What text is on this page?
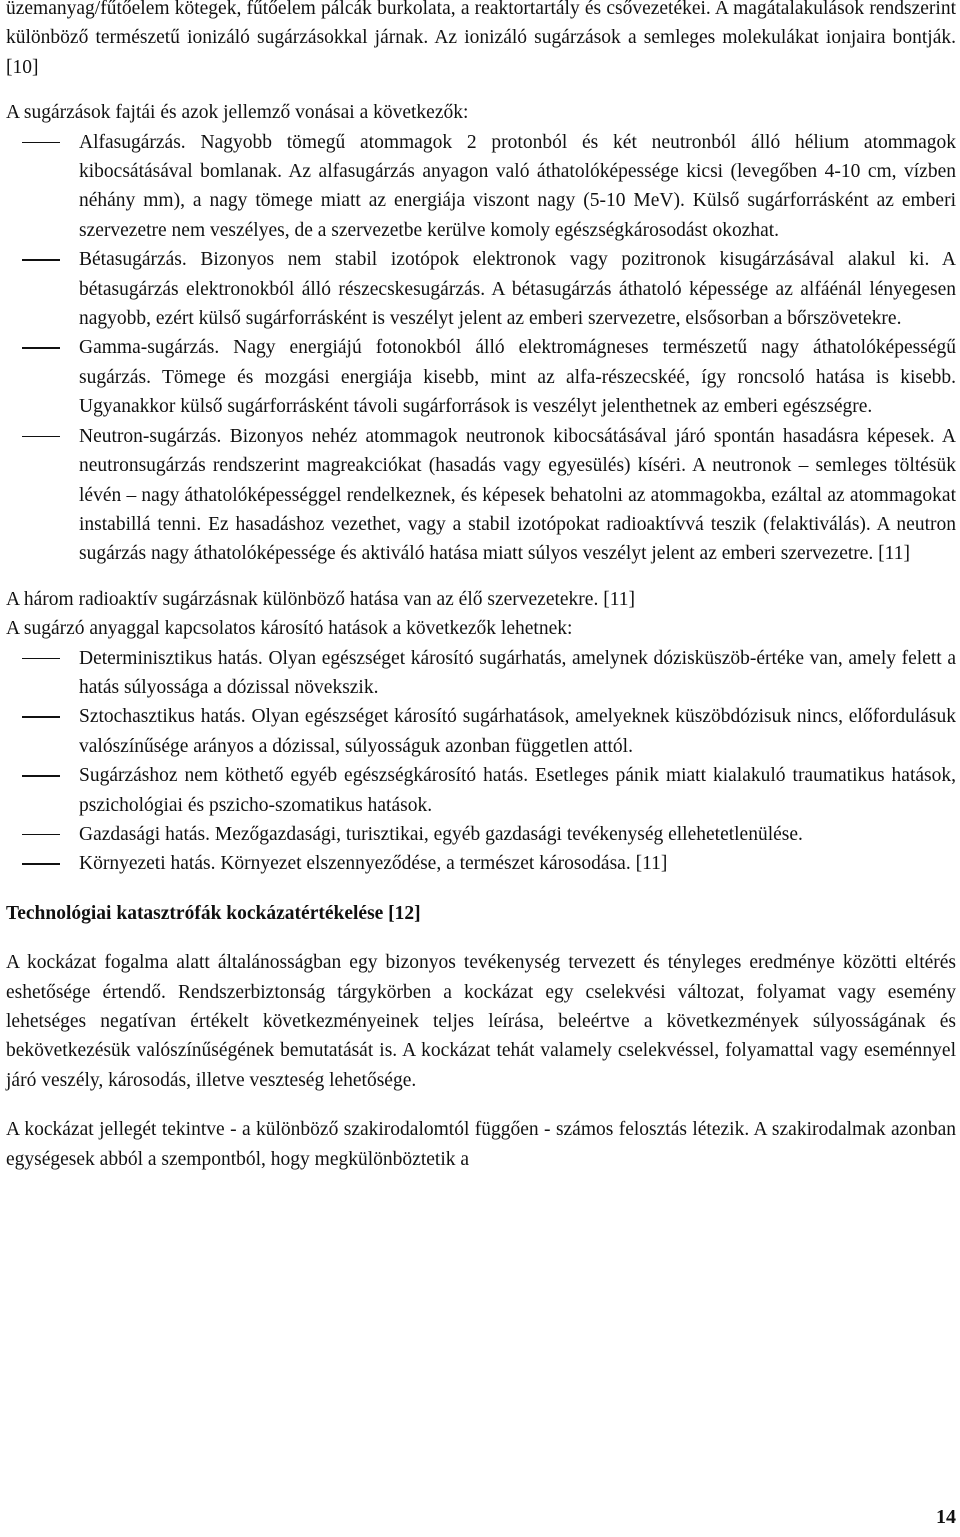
üzemanyag/fűtőelem kötegek, fűtőelem pálcák burkolata, a reaktortartály és csővezetékei. A magátalakulások rendszerint különböző természetű ionizáló sugárzásokkal járnak. Az ionizáló sugárzások a semleges molekulákat ionjaira bontják. [10]

A sugárzások fajtái és azok jellemző vonásai a következők:

Alfasugárzás. Nagyobb tömegű atommagok 2 protonból és két neutronból álló hélium atommagok kibocsátásával bomlanak. Az alfasugárzás anyagon való áthatolóképessége kicsi (levegőben 4-10 cm, vízben néhány mm), a nagy tömege miatt az energiája viszont nagy (5-10 MeV). Külső sugárforrásként az emberi szervezetre nem veszélyes, de a szervezetbe kerülve komoly egészségkárosodást okozhat.
Bétasugárzás. Bizonyos nem stabil izotópok elektronok vagy pozitronok kisugárzásával alakul ki. A bétasugárzás elektronokból álló részecskesugárzás. A bétasugárzás áthatoló képessége az alfáénál lényegesen nagyobb, ezért külső sugárforrásként is veszélyt jelent az emberi szervezetre, elsősorban a bőrszövetekre.
Gamma-sugárzás. Nagy energiájú fotonokból álló elektromágneses természetű nagy áthatolóképességű sugárzás. Tömege és mozgási energiája kisebb, mint az alfa-részecskéé, így roncsoló hatása is kisebb. Ugyanakkor külső sugárforrásként távoli sugárforrások is veszélyt jelenthetnek az emberi egészségre.
Neutron-sugárzás. Bizonyos nehéz atommagok neutronok kibocsátásával járó spontán hasadásra képesek. A neutronsugárzás rendszerint magreakciókat (hasadás vagy egyesülés) kíséri. A neutronok – semleges töltésük lévén – nagy áthatolóképességgel rendelkeznek, és képesek behatolni az atommagokba, ezáltal az atommagokat instabillá tenni. Ez hasadáshoz vezethet, vagy a stabil izotópokat radioaktívvá teszik (felaktiválás). A neutron sugárzás nagy áthatolóképessége és aktiváló hatása miatt súlyos veszélyt jelent az emberi szervezetre. [11]

A három radioaktív sugárzásnak különböző hatása van az élő szervezetekre. [11]

A sugárzó anyaggal kapcsolatos károsító hatások a következők lehetnek:

Determinisztikus hatás. Olyan egészséget károsító sugárhatás, amelynek dózisküszöb-értéke van, amely felett a hatás súlyossága a dózissal növekszik.
Sztochasztikus hatás. Olyan egészséget károsító sugárhatások, amelyeknek küszöbdózisuk nincs, előfordulásuk valószínűsége arányos a dózissal, súlyosságuk azonban független attól.
Sugárzáshoz nem köthető egyéb egészségkárosító hatás. Esetleges pánik miatt kialakuló traumatikus hatások, pszichológiai és pszicho-szomatikus hatások.
Gazdasági hatás. Mezőgazdasági, turisztikai, egyéb gazdasági tevékenység ellehetetlenülése.
Környezeti hatás. Környezet elszennyeződése, a természet károsodása. [11]

Technológiai katasztrófák kockázatértékelése [12]

A kockázat fogalma alatt általánosságban egy bizonyos tevékenység tervezett és tényleges eredménye közötti eltérés eshetősége értendő. Rendszerbiztonság tárgykörben a kockázat egy cselekvési változat, folyamat vagy esemény lehetséges negatívan értékelt következményeinek teljes leírása, beleértve a következmények súlyosságának és bekövetkezésük valószínűségének bemutatását is. A kockázat tehát valamely cselekvéssel, folyamattal vagy eseménnyel járó veszély, károsodás, illetve veszteség lehetősége.

A kockázat jellegét tekintve - a különböző szakirodalomtól függően - számos felosztás létezik. A szakirodalmak azonban egységesek abból a szempontból, hogy megkülönböztetik a

14
